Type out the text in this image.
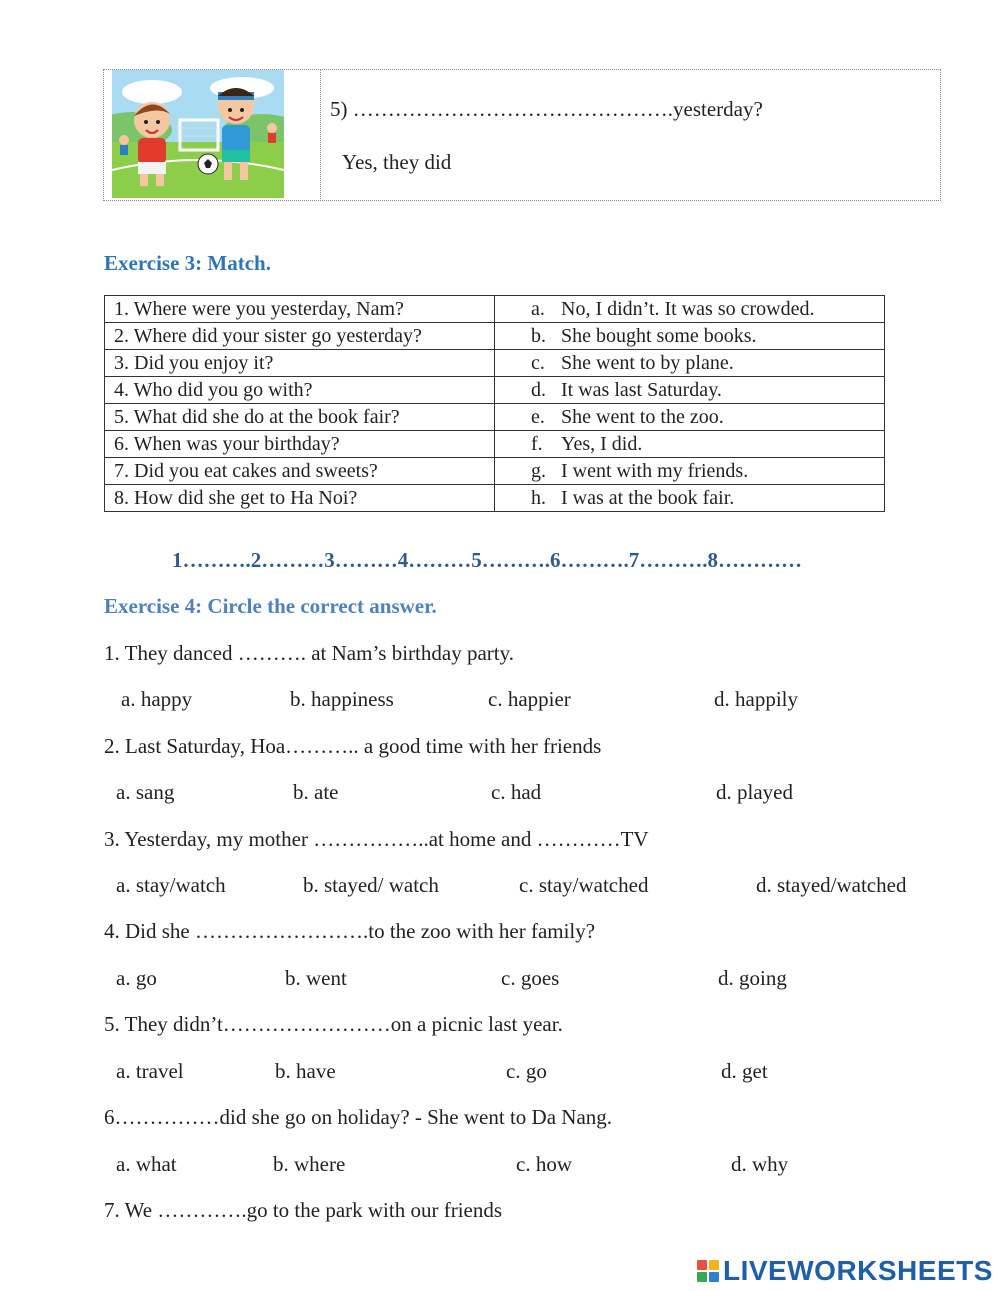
5) ……………………………………….yesterday?
Yes, they did
Exercise 3: Match.
1. Where were you yesterday, Nam?	a. No, I didn’t. It was so crowded.
2. Where did your sister go yesterday?	b. She bought some books.
3. Did you enjoy it?	c. She went to by plane.
4. Who did you go with?	d. It was last Saturday.
5. What did she do at the book fair?	e. She went to the zoo.
6. When was your birthday?	f. Yes, I did.
7. Did you eat cakes and sweets?	g. I went with my friends.
8. How did she get to Ha Noi?	h. I was at the book fair.
1……….2………3………4………5……….6……….7……….8…………
Exercise 4: Circle the correct answer.
1. They danced ………. at Nam’s birthday party.
a. happy	b. happiness	c. happier	d. happily
2. Last Saturday, Hoa……….. a good time with her friends
a. sang	b. ate	c. had	d. played
3. Yesterday, my mother ……………..at home and …………TV
a. stay/watch	b. stayed/ watch	c. stay/watched	d. stayed/watched
4. Did she …………………….to the zoo with her family?
a. go	b. went	c. goes	d. going
5. They didn’t……………………on a picnic last year.
a. travel	b. have	c. go	d. get
6……………did she go on holiday? - She went to Da Nang.
a. what	b. where	c. how	d. why
7. We ………….go to the park with our friends
LIVEWORKSHEETS
